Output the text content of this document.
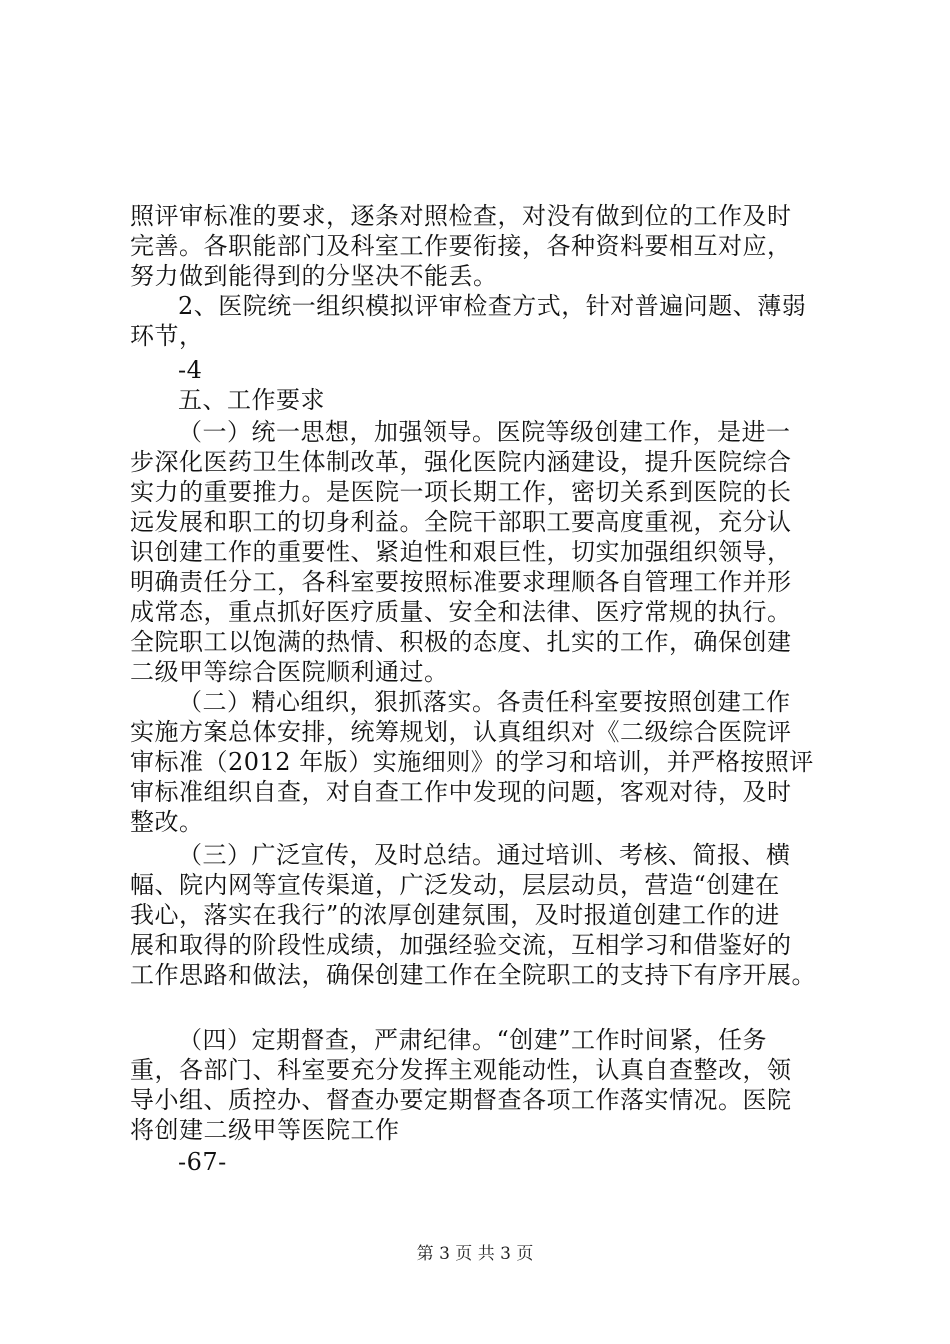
照评审标准的要求，逐条对照检查，对没有做到位的工作及时

完善。各职能部门及科室工作要衔接，各种资料要相互对应，

努力做到能得到的分坚决不能丢。

2、医院统一组织模拟评审检查方式，针对普遍问题、薄弱

环节，

-4

五、工作要求

（一）统一思想，加强领导。医院等级创建工作，是进一

步深化医药卫生体制改革，强化医院内涵建设，提升医院综合

实力的重要推力。是医院一项长期工作，密切关系到医院的长

远发展和职工的切身利益。全院干部职工要高度重视，充分认

识创建工作的重要性、紧迫性和艰巨性，切实加强组织领导，

明确责任分工，各科室要按照标准要求理顺各自管理工作并形

成常态，重点抓好医疗质量、安全和法律、医疗常规的执行。

全院职工以饱满的热情、积极的态度、扎实的工作，确保创建

二级甲等综合医院顺利通过。

（二）精心组织，狠抓落实。各责任科室要按照创建工作

实施方案总体安排，统筹规划，认真组织对《二级综合医院评

审标准（2012 年版）实施细则》的学习和培训，并严格按照评

审标准组织自查，对自查工作中发现的问题，客观对待，及时

整改。

（三）广泛宣传，及时总结。通过培训、考核、简报、横

幅、院内网等宣传渠道，广泛发动，层层动员，营造“创建在

我心，落实在我行”的浓厚创建氛围，及时报道创建工作的进

展和取得的阶段性成绩，加强经验交流，互相学习和借鉴好的

工作思路和做法，确保创建工作在全院职工的支持下有序开展。

（四）定期督查，严肃纪律。“创建”工作时间紧，任务

重，各部门、科室要充分发挥主观能动性，认真自查整改，领

导小组、质控办、督查办要定期督查各项工作落实情况。医院

将创建二级甲等医院工作

-67-

第 3 页 共 3 页
